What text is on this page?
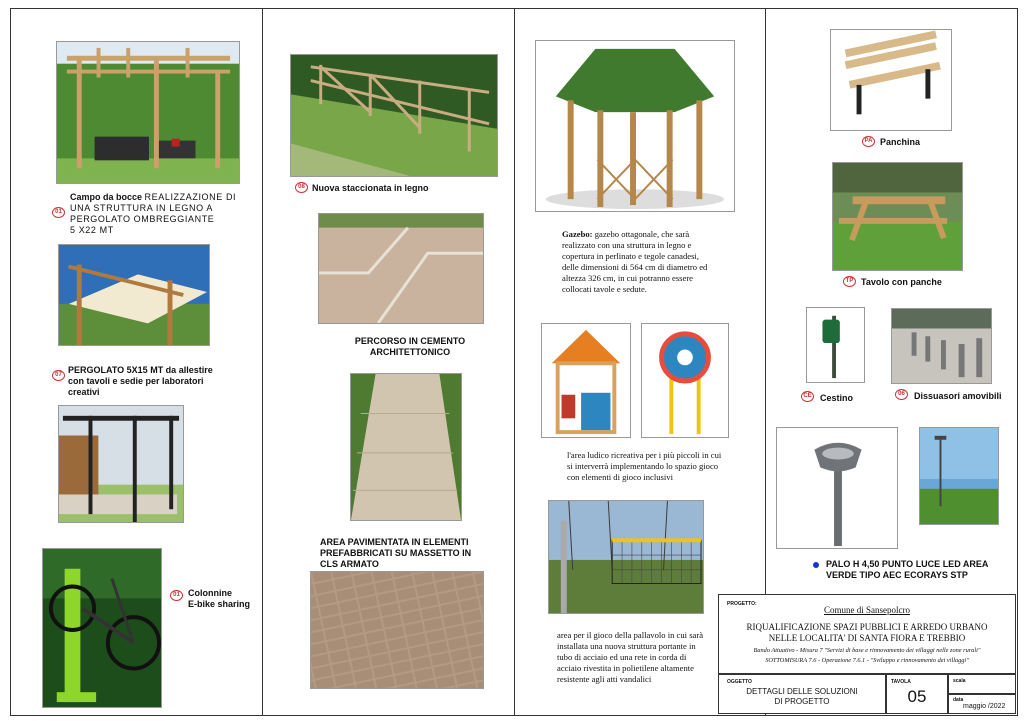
01
Campo da bocce REALIZZAZIONE DI
UNA STRUTTURA IN LEGNO A
PERGOLATO OMBREGGIANTE
5 X22 MT
07 PERGOLATO 5X15 MT da allestire
con tavoli e sedie per laboratori
creativi
01 Colonnine
E-bike sharing
08 Nuova staccionata in legno
PERCORSO IN CEMENTO
ARCHITETTONICO
AREA PAVIMENTATA IN ELEMENTI
PREFABBRICATI SU MASSETTO IN
CLS ARMATO
Gazebo: gazebo ottagonale, che sarà
realizzato con una struttura in legno e
copertura in perlinato e tegole canadesi,
delle dimensioni di 564 cm di diametro ed
altezza 326 cm, in cui potranno essere
collocati tavole e sedute.
l'area ludico ricreativa per i più piccoli in cui
si interverrà implementando lo spazio gioco
con elementi di gioco inclusivi
area per il gioco della pallavolo in cui sarà
installata una nuova struttura portante in
tubo di acciaio ed una rete in corda di
acciaio rivestita in polietilene altamente
resistente agli atti vandalici
PA Panchina
TP Tavolo con panche
CE Cestino	06	Dissuasori amovibili
PALO H 4,50 PUNTO LUCE LED AREA
VERDE TIPO AEC ECORAYS STP
PROGETTO:
Comune di Sansepolcro
RIQUALIFICAZIONE SPAZI PUBBLICI E ARREDO URBANO
NELLE LOCALITA' DI SANTA FIORA E TREBBIO
Bando Attuativo - Misura 7 "Servizi di base e rinnovamento dei villaggi nelle zone rurali"
SOTTOMISURA 7.6 - Operazione 7.6.1 - "Sviluppo e rinnovamento dei villaggi"
OGGETTO
DETTAGLI DELLE SOLUZIONI
DI PROGETTO
TAVOLA
05
scala
data
maggio /2022
